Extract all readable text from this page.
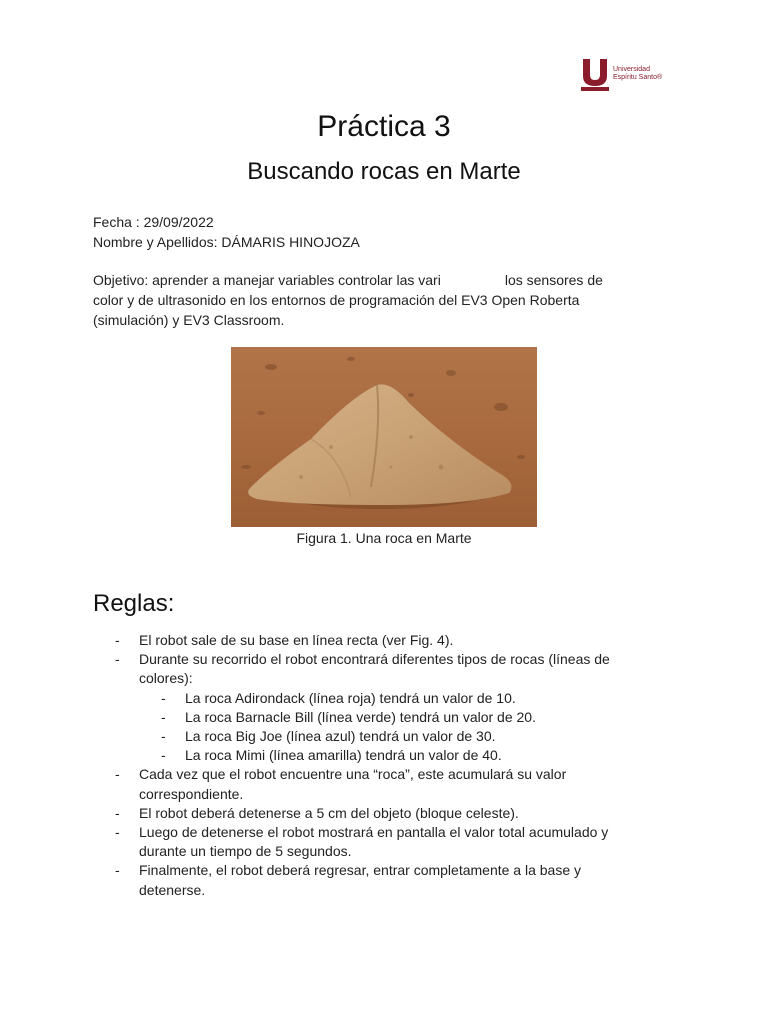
Universidad
Espíritu Santo®
Práctica 3
Buscando rocas en Marte
Fecha : 29/09/2022
Nombre y Apellidos: DÁMARIS HINOJOZA
Objetivo: aprender a manejar variables controlar las vari	los sensores de
color y de ultrasonido en los entornos de programación del EV3 Open Roberta
(simulación) y EV3 Classroom.
Figura 1. Una roca en Marte
Reglas:
- El robot sale de su base en línea recta (ver Fig. 4).
- Durante su recorrido el robot encontrará diferentes tipos de rocas (líneas de
colores):
- La roca Adirondack (línea roja) tendrá un valor de 10.
- La roca Barnacle Bill (línea verde) tendrá un valor de 20.
- La roca Big Joe (línea azul) tendrá un valor de 30.
- La roca Mimi (línea amarilla) tendrá un valor de 40.
- Cada vez que el robot encuentre una “roca”, este acumulará su valor
correspondiente.
- El robot deberá detenerse a 5 cm del objeto (bloque celeste).
- Luego de detenerse el robot mostrará en pantalla el valor total acumulado y
durante un tiempo de 5 segundos.
- Finalmente, el robot deberá regresar, entrar completamente a la base y
detenerse.
